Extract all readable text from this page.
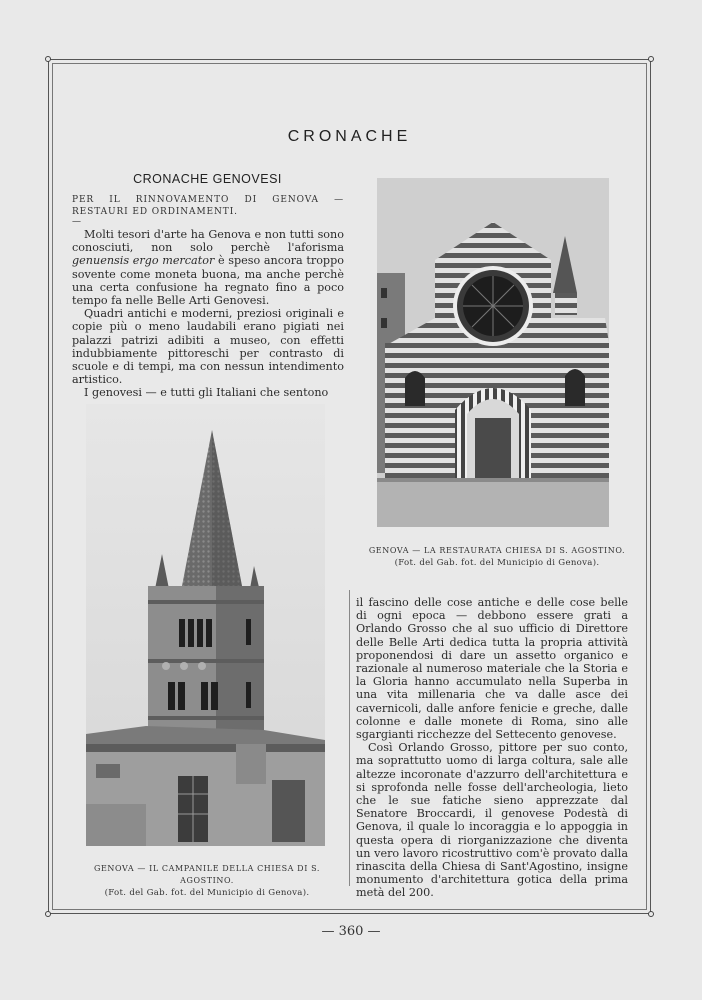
CRONACHE
CRONACHE GENOVESI
PER IL RINNOVAMENTO DI GENOVA — RESTAURI ED ORDINAMENTI.
—

Molti tesori d'arte ha Genova e non tutti sono conosciuti, non solo perchè l'aforisma genuensis ergo mercator è speso ancora troppo sovente come moneta buona, ma anche perchè una certa confusione ha regnato fino a poco tempo fa nelle Belle Arti Genovesi.

Quadri antichi e moderni, preziosi originali e copie più o meno laudabili erano pigiati nei palazzi patrizi adibiti a museo, con effetti indubbiamente pittoreschi per contrasto di scuole e di tempi, ma con nessun intendimento artistico.

I genovesi — e tutti gli Italiani che sentono

GENOVA — LA RESTAURATA CHIESA DI S. AGOSTINO.
(Fot. del Gab. fot. del Municipio di Genova).

il fascino delle cose antiche e delle cose belle di ogni epoca — debbono essere grati a Orlando Grosso che al suo ufficio di Direttore delle Belle Arti dedica tutta la propria attività proponendosi di dare un assetto organico e razionale al numeroso materiale che la Storia e la Gloria hanno accumulato nella Superba in una vita millenaria che va dalle asce dei cavernicoli, dalle anfore fenicie e greche, dalle colonne e dalle monete di Roma, sino alle sgargianti ricchezze del Settecento genovese.

Così Orlando Grosso, pittore per suo conto, ma soprattutto uomo di larga coltura, sale alle altezze incoronate d'azzurro dell'architettura e si sprofonda nelle fosse dell'archeologia, lieto che le sue fatiche sieno apprezzate dal Senatore Broccardi, il genovese Podestà di Genova, il quale lo incoraggia e lo appoggia in questa opera di riorganizzazione che diventa un vero lavoro ricostruttivo com'è provato dalla rinascita della Chiesa di Sant'Agostino, insigne monumento d'architettura gotica della prima metà del 200.

GENOVA — IL CAMPANILE DELLA CHIESA DI S. AGOSTINO.
(Fot. del Gab. fot. del Municipio di Genova).
— 360 —
